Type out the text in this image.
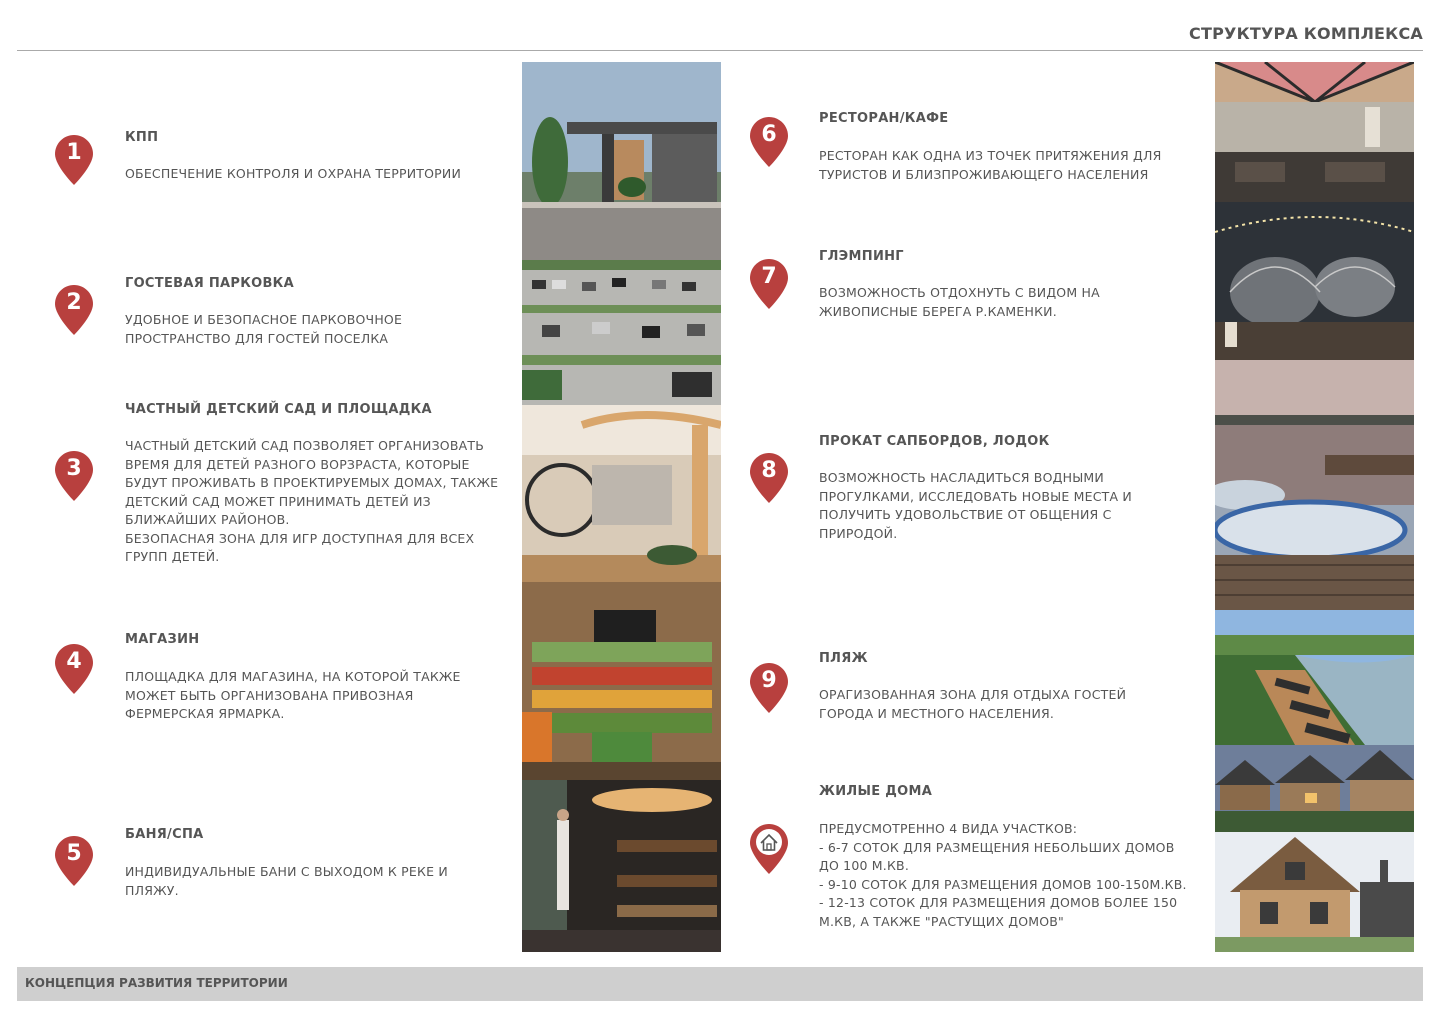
СТРУКТУРА КОМПЛЕКСА
1
КПП
ОБЕСПЕЧЕНИЕ КОНТРОЛЯ И ОХРАНА ТЕРРИТОРИИ
2
ГОСТЕВАЯ ПАРКОВКА
УДОБНОЕ И БЕЗОПАСНОЕ ПАРКОВОЧНОЕ
ПРОСТРАНСТВО ДЛЯ ГОСТЕЙ ПОСЕЛКА
3
ЧАСТНЫЙ ДЕТСКИЙ САД И ПЛОЩАДКА
ЧАСТНЫЙ ДЕТСКИЙ САД ПОЗВОЛЯЕТ ОРГАНИЗОВАТЬ
ВРЕМЯ ДЛЯ ДЕТЕЙ РАЗНОГО ВОРЗРАСТА, КОТОРЫЕ
БУДУТ ПРОЖИВАТЬ В ПРОЕКТИРУЕМЫХ ДОМАХ, ТАКЖЕ
ДЕТСКИЙ САД МОЖЕТ ПРИНИМАТЬ ДЕТЕЙ ИЗ
БЛИЖАЙШИХ РАЙОНОВ.
БЕЗОПАСНАЯ ЗОНА ДЛЯ ИГР ДОСТУПНАЯ ДЛЯ ВСЕХ
ГРУПП ДЕТЕЙ.
4
МАГАЗИН
ПЛОЩАДКА ДЛЯ МАГАЗИНА, НА КОТОРОЙ ТАКЖЕ
МОЖЕТ БЫТЬ ОРГАНИЗОВАНА ПРИВОЗНАЯ
ФЕРМЕРСКАЯ ЯРМАРКА.
5
БАНЯ/СПА
ИНДИВИДУАЛЬНЫЕ БАНИ С ВЫХОДОМ К РЕКЕ И
ПЛЯЖУ.
6
РЕСТОРАН/КАФЕ
РЕСТОРАН КАК ОДНА ИЗ ТОЧЕК ПРИТЯЖЕНИЯ ДЛЯ
ТУРИСТОВ И БЛИЗПРОЖИВАЮЩЕГО НАСЕЛЕНИЯ
7
ГЛЭМПИНГ
ВОЗМОЖНОСТЬ ОТДОХНУТЬ С ВИДОМ НА
ЖИВОПИСНЫЕ БЕРЕГА Р.КАМЕНКИ.
8
ПРОКАТ САПБОРДОВ, ЛОДОК
ВОЗМОЖНОСТЬ НАСЛАДИТЬСЯ ВОДНЫМИ
ПРОГУЛКАМИ, ИССЛЕДОВАТЬ НОВЫЕ МЕСТА И
ПОЛУЧИТЬ УДОВОЛЬСТВИЕ ОТ ОБЩЕНИЯ С
ПРИРОДОЙ.
9
ПЛЯЖ
ОРАГИЗОВАННАЯ ЗОНА ДЛЯ ОТДЫХА ГОСТЕЙ
ГОРОДА И МЕСТНОГО НАСЕЛЕНИЯ.
ЖИЛЫЕ ДОМА
ПРЕДУСМОТРЕННО 4 ВИДА УЧАСТКОВ:
- 6-7 СОТОК ДЛЯ РАЗМЕЩЕНИЯ НЕБОЛЬШИХ ДОМОВ
ДО 100 М.КВ.
- 9-10 СОТОК ДЛЯ РАЗМЕЩЕНИЯ ДОМОВ 100-150М.КВ.
- 12-13 СОТОК ДЛЯ РАЗМЕЩЕНИЯ ДОМОВ БОЛЕЕ 150
М.КВ, А ТАКЖЕ "РАСТУЩИХ ДОМОВ"
КОНЦЕПЦИЯ РАЗВИТИЯ ТЕРРИТОРИИ
